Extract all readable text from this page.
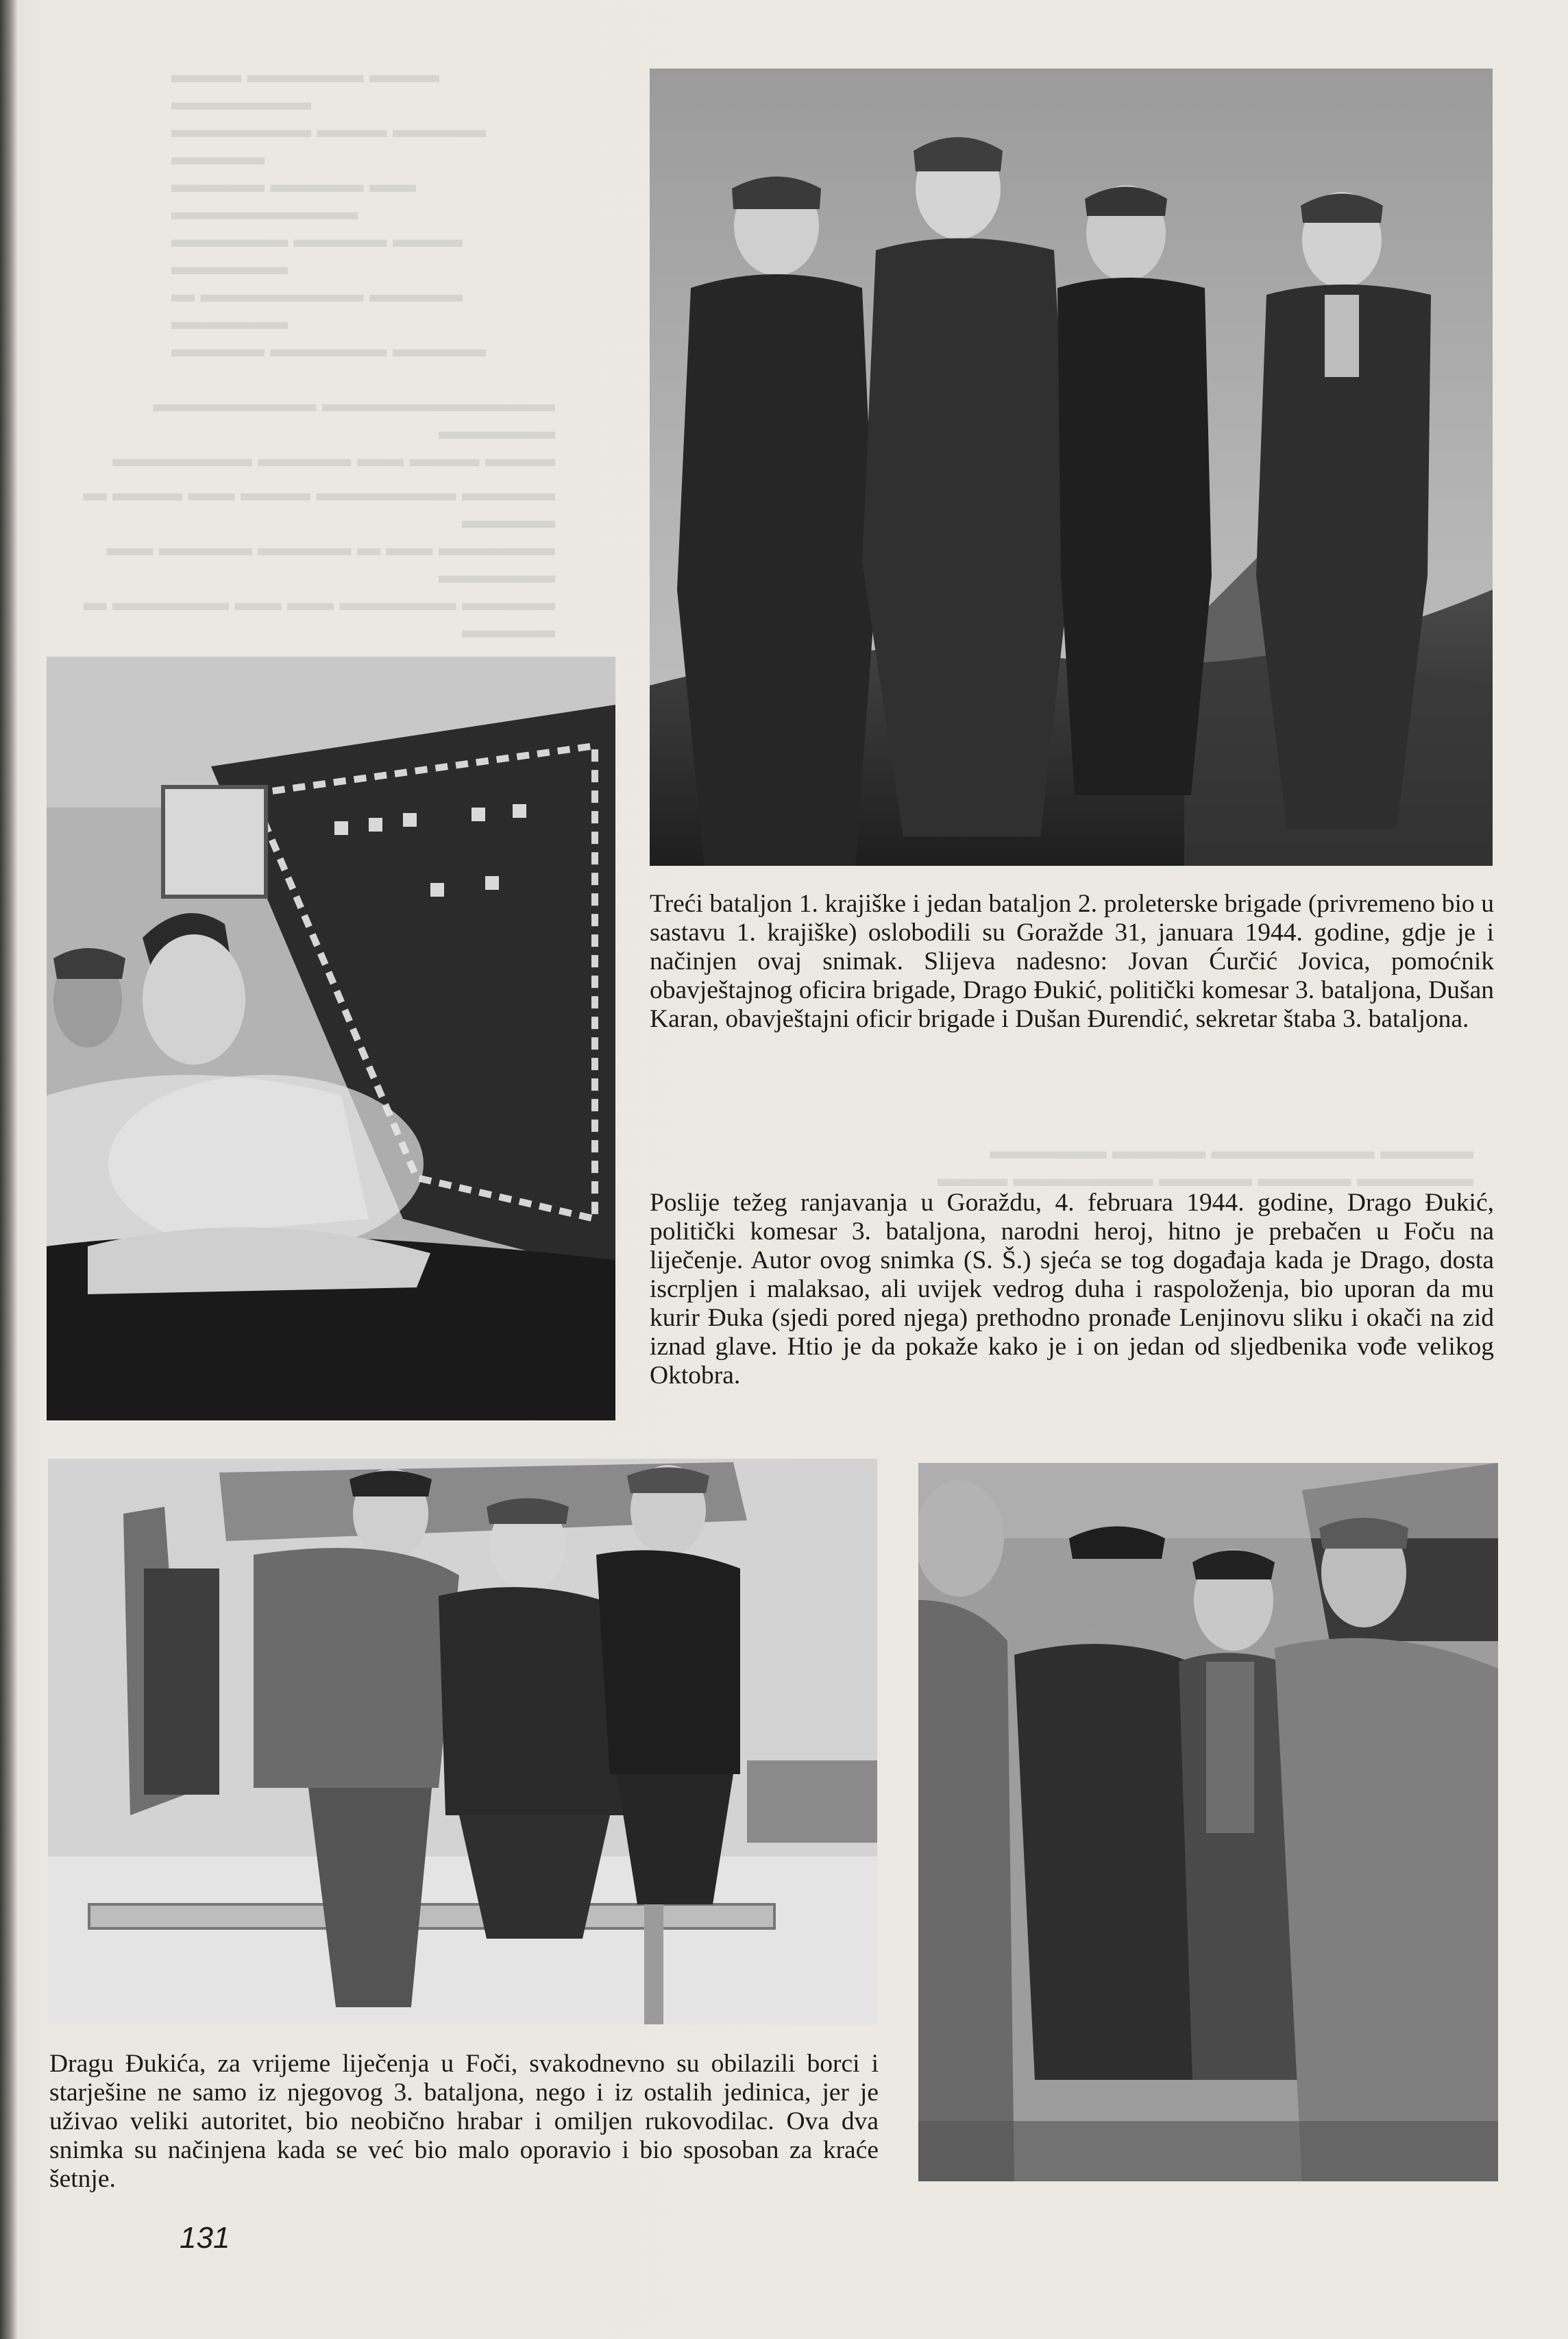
▬▬▬ ▬▬▬▬▬ ▬▬▬ ▬▬▬▬▬▬
▬▬▬▬ ▬▬▬ ▬▬▬▬▬▬ ▬▬▬▬
▬▬ ▬▬▬▬ ▬▬▬▬ ▬▬▬▬▬▬▬▬
▬▬▬ ▬▬▬▬ ▬▬▬▬▬ ▬▬▬▬▬
▬▬▬▬ ▬▬▬▬▬▬▬ ▬ ▬▬▬▬▬
▬▬▬▬ ▬▬▬▬▬ ▬▬▬▬
▬▬▬▬▬▬▬▬▬▬ ▬▬▬▬▬▬▬ ▬▬▬▬▬
▬▬▬ ▬▬▬ ▬▬ ▬▬▬▬ ▬▬▬▬▬▬
▬▬▬▬ ▬▬▬▬▬▬ ▬▬▬ ▬▬ ▬▬▬ ▬ ▬▬▬▬
▬▬▬▬▬ ▬▬ ▬ ▬▬▬▬ ▬▬▬▬ ▬▬ ▬▬▬▬▬
▬▬▬▬ ▬▬▬▬▬ ▬▬ ▬▬ ▬▬▬▬▬ ▬ ▬▬▬▬

▬▬▬▬ ▬▬▬▬▬▬▬ ▬▬▬▬ ▬▬▬▬▬
▬▬▬▬▬ ▬▬▬▬ ▬▬▬▬ ▬▬▬▬▬▬ ▬▬▬

Treći bataljon 1. krajiške i jedan bataljon 2. proleterske brigade (privremeno bio u sastavu 1. krajiške) oslobodili su Goražde 31, januara 1944. godine, gdje je i načinjen ovaj snimak. Slijeva nadesno: Jovan Ćurčić Jovica, pomoćnik obavještajnog oficira brigade, Drago Đukić, politički komesar 3. bataljona, Dušan Karan, obavještajni oficir brigade i Dušan Đurendić, sekretar štaba 3. bataljona.

Poslije težeg ranjavanja u Goraždu, 4. februara 1944. godine, Drago Đukić, politički komesar 3. bataljona, narodni heroj, hitno je prebačen u Foču na liječenje. Autor ovog snimka (S. Š.) sjeća se tog događaja kada je Drago, dosta iscrpljen i malaksao, ali uvijek vedrog duha i raspoloženja, bio uporan da mu kurir Đuka (sjedi pored njega) prethodno pronađe Lenjinovu sliku i okači na zid iznad glave. Htio je da pokaže kako je i on jedan od sljedbenika vođe velikog Oktobra.

Dragu Đukića, za vrijeme liječenja u Foči, svakodnevno su obilazili borci i starješine ne samo iz njegovog 3. bataljona, nego i iz ostalih jedinica, jer je uživao veliki autoritet, bio neobično hrabar i omiljen rukovodilac. Ova dva snimka su načinjena kada se već bio malo oporavio i bio sposoban za kraće šetnje.

131
